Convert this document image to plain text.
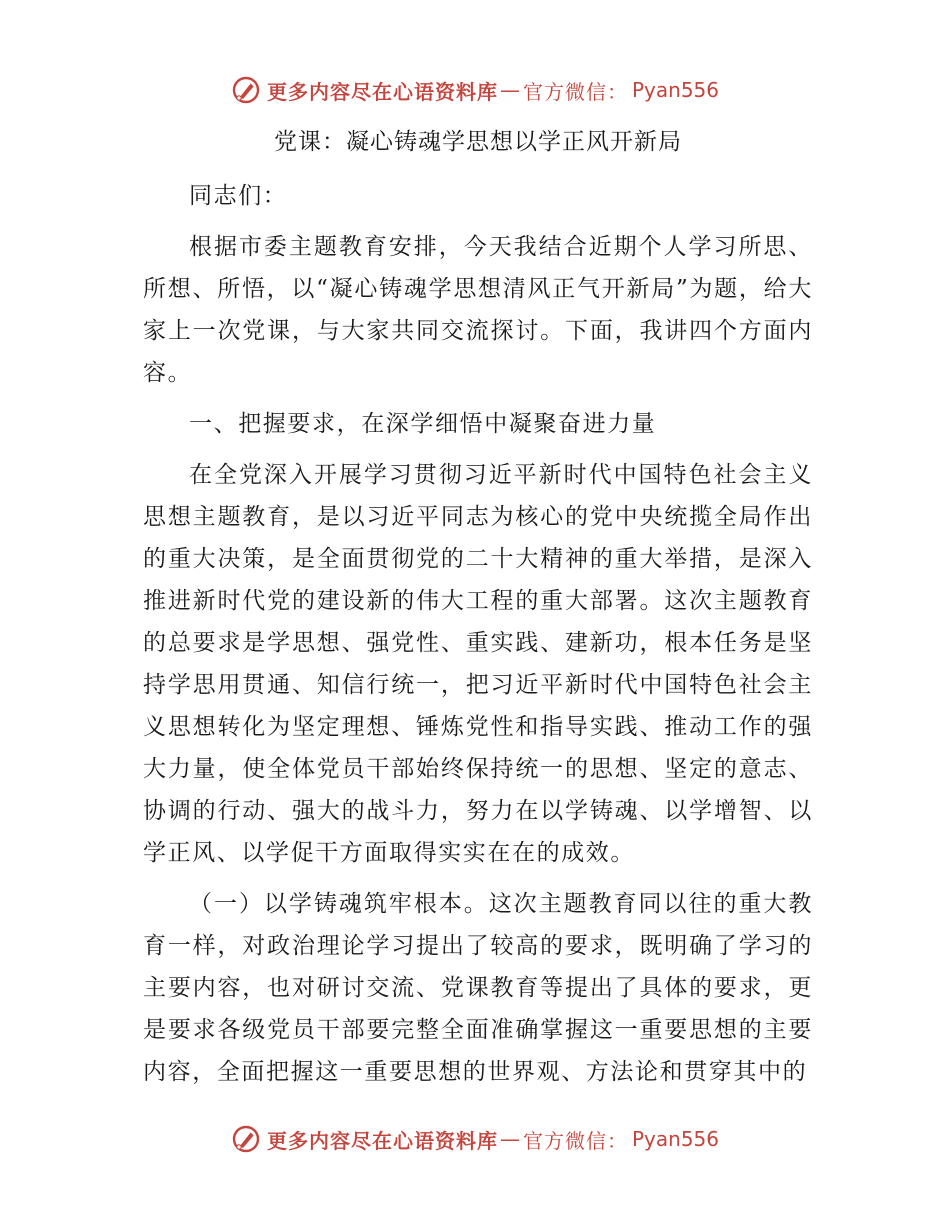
更多内容尽在心语资料库 — 官方微信： Pyan556
党课：凝心铸魂学思想以学正风开新局

同志们：

根据市委主题教育安排，今天我结合近期个人学习所思、所想、所悟，以“凝心铸魂学思想清风正气开新局”为题，给大家上一次党课，与大家共同交流探讨。下面，我讲四个方面内容。

一、把握要求，在深学细悟中凝聚奋进力量

在全党深入开展学习贯彻习近平新时代中国特色社会主义思想主题教育，是以习近平同志为核心的党中央统揽全局作出的重大决策，是全面贯彻党的二十大精神的重大举措，是深入推进新时代党的建设新的伟大工程的重大部署。这次主题教育的总要求是学思想、强党性、重实践、建新功，根本任务是坚持学思用贯通、知信行统一，把习近平新时代中国特色社会主义思想转化为坚定理想、锤炼党性和指导实践、推动工作的强大力量，使全体党员干部始终保持统一的思想、坚定的意志、协调的行动、强大的战斗力，努力在以学铸魂、以学增智、以学正风、以学促干方面取得实实在在的成效。

（一）以学铸魂筑牢根本。这次主题教育同以往的重大教育一样，对政治理论学习提出了较高的要求，既明确了学习的主要内容，也对研讨交流、党课教育等提出了具体的要求，更是要求各级党员干部要完整全面准确掌握这一重要思想的主要内容，全面把握这一重要思想的世界观、方法论和贯穿其中的

更多内容尽在心语资料库 — 官方微信： Pyan556
